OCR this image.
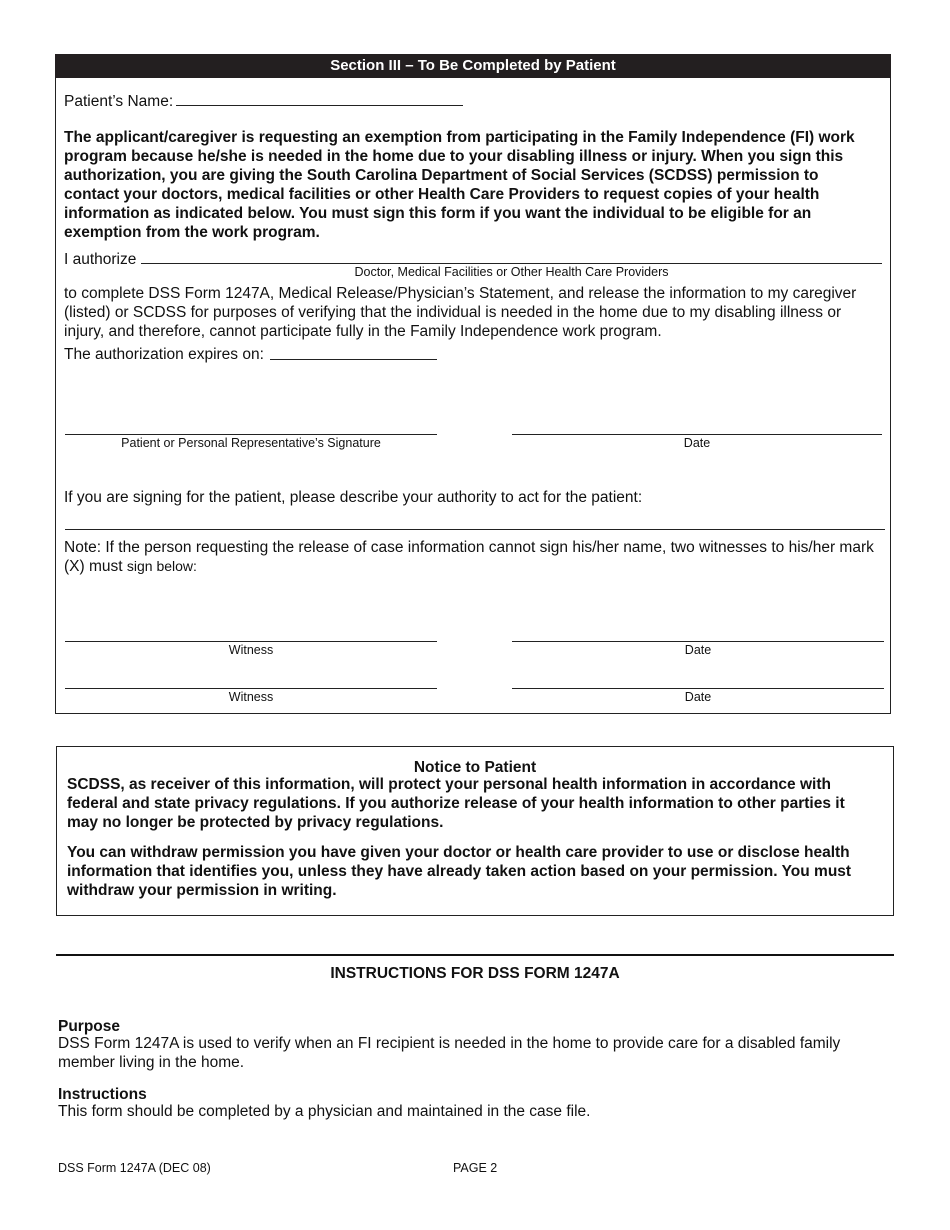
Section III – To Be Completed by Patient
Patient’s Name:
The applicant/caregiver is requesting an exemption from participating in the Family Independence (FI) work program because he/she is needed in the home due to your disabling illness or injury. When you sign this authorization, you are giving the South Carolina Department of Social Services (SCDSS) permission to contact your doctors, medical facilities or other Health Care Providers to request copies of your health information as indicated below. You must sign this form if you want the individual to be eligible for an exemption from the work program.
I authorize
Doctor, Medical Facilities or Other Health Care Providers
to complete DSS Form 1247A, Medical Release/Physician’s Statement, and release the information to my caregiver (listed) or SCDSS for purposes of verifying that the individual is needed in the home due to my disabling illness or injury, and therefore, cannot participate fully in the Family Independence work program.
The authorization expires on:
Patient or Personal Representative’s Signature	Date
If you are signing for the patient, please describe your authority to act for the patient:
Note: If the person requesting the release of case information cannot sign his/her name, two witnesses to his/her mark (X) must sign below:
Witness	Date
Witness	Date
Notice to Patient
SCDSS, as receiver of this information, will protect your personal health information in accordance with federal and state privacy regulations. If you authorize release of your health information to other parties it may no longer be protected by privacy regulations.
You can withdraw permission you have given your doctor or health care provider to use or disclose health information that identifies you, unless they have already taken action based on your permission. You must withdraw your permission in writing.
INSTRUCTIONS FOR DSS FORM 1247A
Purpose
DSS Form 1247A is used to verify when an FI recipient is needed in the home to provide care for a disabled family member living in the home.
Instructions
This form should be completed by a physician and maintained in the case file.
DSS Form 1247A (DEC 08)	PAGE 2
